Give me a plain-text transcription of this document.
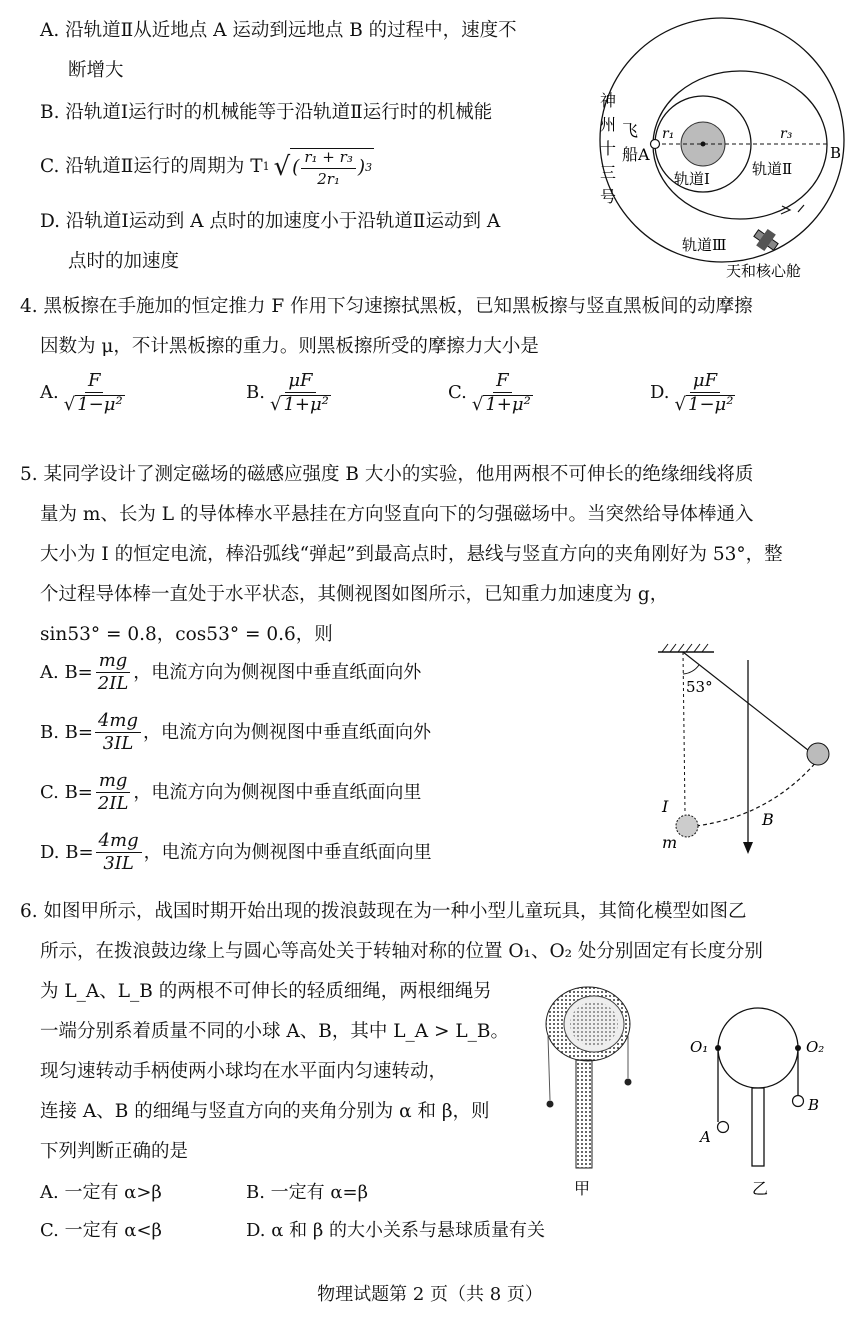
A. 沿轨道Ⅱ从近地点 A 运动到远地点 B 的过程中，速度不
断增大
B. 沿轨道Ⅰ运行时的机械能等于沿轨道Ⅱ运行时的机械能
C. 沿轨道Ⅱ运行的周期为 T 1 √ ( $\frac{\text{r₁ + r₃}}{\text{2r₁}}$ ) 3
D. 沿轨道Ⅰ运动到 A 点时的加速度小于沿轨道Ⅱ运动到 A
点时的加速度
神
州
十
三
号
飞
船A
r₁	r₃
B
轨道Ⅰ
轨道Ⅱ
轨道Ⅲ
天和核心舱
4. 黑板擦在手施加的恒定推力 F 作用下匀速擦拭黑板，已知黑板擦与竖直黑板间的动摩擦
因数为 μ，不计黑板擦的重力。则黑板擦所受的摩擦力大小是
A. $\frac{F}{\text{√ 1−μ²}}$	B. $\frac{\mu F}{\text{√ 1+μ²}}$	C. $\frac{F}{\text{√ 1+μ²}}$	D. $\frac{\mu F}{\text{√ 1−μ²}}$
5. 某同学设计了测定磁场的磁感应强度 B 大小的实验，他用两根不可伸长的绝缘细线将质
量为 m、长为 L 的导体棒水平悬挂在方向竖直向下的匀强磁场中。当突然给导体棒通入
大小为 I 的恒定电流，棒沿弧线“弹起”到最高点时，悬线与竖直方向的夹角刚好为 53°，整
个过程导体棒一直处于水平状态，其侧视图如图所示，已知重力加速度为 g，
sin53° = 0.8，cos53° = 0.6，则
A. $B= \frac{mg}{2IL}$ ，电流方向为侧视图中垂直纸面向外
B. $B= \frac{4mg}{3IL}$ ，电流方向为侧视图中垂直纸面向外
C. $B= \frac{mg}{2IL}$ ，电流方向为侧视图中垂直纸面向里
D. $B= \frac{4mg}{3IL}$ ，电流方向为侧视图中垂直纸面向里
53°
B
I
m
6. 如图甲所示，战国时期开始出现的拨浪鼓现在为一种小型儿童玩具，其简化模型如图乙
所示，在拨浪鼓边缘上与圆心等高处关于转轴对称的位置 O₁、O₂ 处分别固定有长度分别
为 L_A、L_B 的两根不可伸长的轻质细绳，两根细绳另
一端分别系着质量不同的小球 A、B，其中 L_A > L_B。
现匀速转动手柄使两小球均在水平面内匀速转动，
连接 A、B 的细绳与竖直方向的夹角分别为 α 和 β，则
下列判断正确的是
A. 一定有 α>β	B. 一定有 α=β
C. 一定有 α<β	D. α 和 β 的大小关系与悬球质量有关
甲
O₁	O₂
A
B
乙
物理试题第 2 页（共 8 页）
